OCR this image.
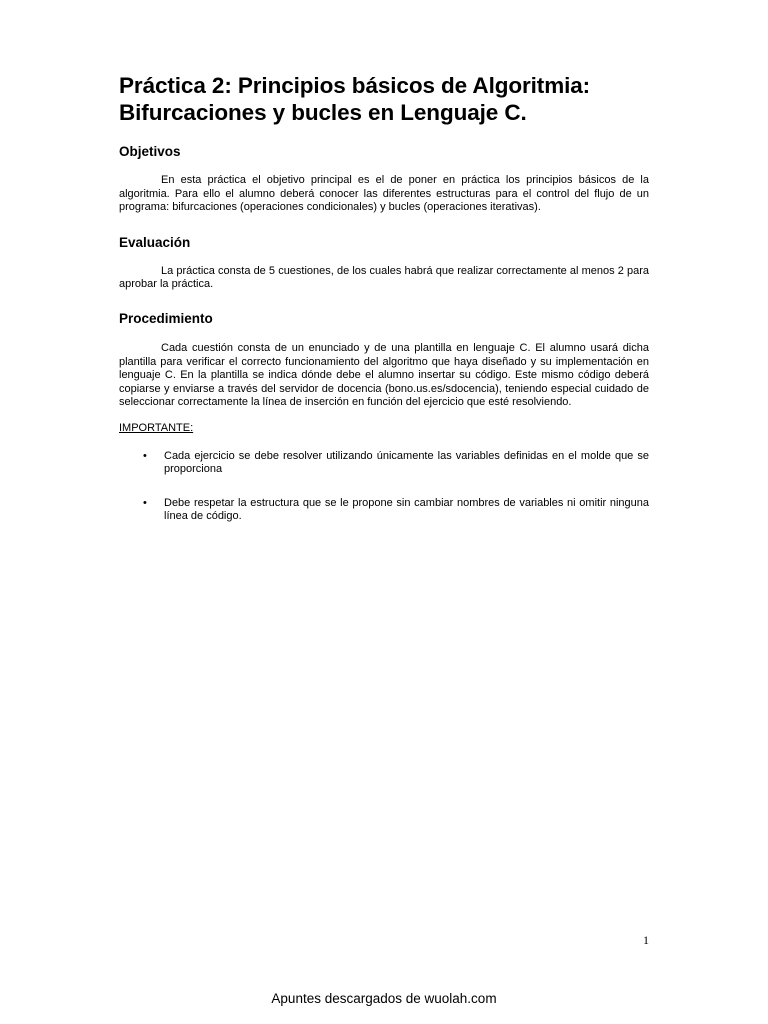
Práctica 2: Principios básicos de Algoritmia:
Bifurcaciones y bucles en Lenguaje C.
Objetivos

En esta práctica el objetivo principal es el de poner en práctica los principios básicos de la algoritmia. Para ello el alumno deberá conocer las diferentes estructuras para el control del flujo de un programa: bifurcaciones (operaciones condicionales) y bucles (operaciones iterativas).

Evaluación

La práctica consta de 5 cuestiones, de los cuales habrá que realizar correctamente al menos 2 para aprobar la práctica.

Procedimiento

Cada cuestión consta de un enunciado y de una plantilla en lenguaje C. El alumno usará dicha plantilla para verificar el correcto funcionamiento del algoritmo que haya diseñado y su implementación en lenguaje C. En la plantilla se indica dónde debe el alumno insertar su código. Este mismo código deberá copiarse y enviarse a través del servidor de docencia (bono.us.es/sdocencia), teniendo especial cuidado de seleccionar correctamente la línea de inserción en función del ejercicio que esté resolviendo.

IMPORTANTE:

• Cada ejercicio se debe resolver utilizando únicamente las variables definidas en el molde que se proporciona
• Debe respetar la estructura que se le propone sin cambiar nombres de variables ni omitir ninguna línea de código.
1
Apuntes descargados de wuolah.com
